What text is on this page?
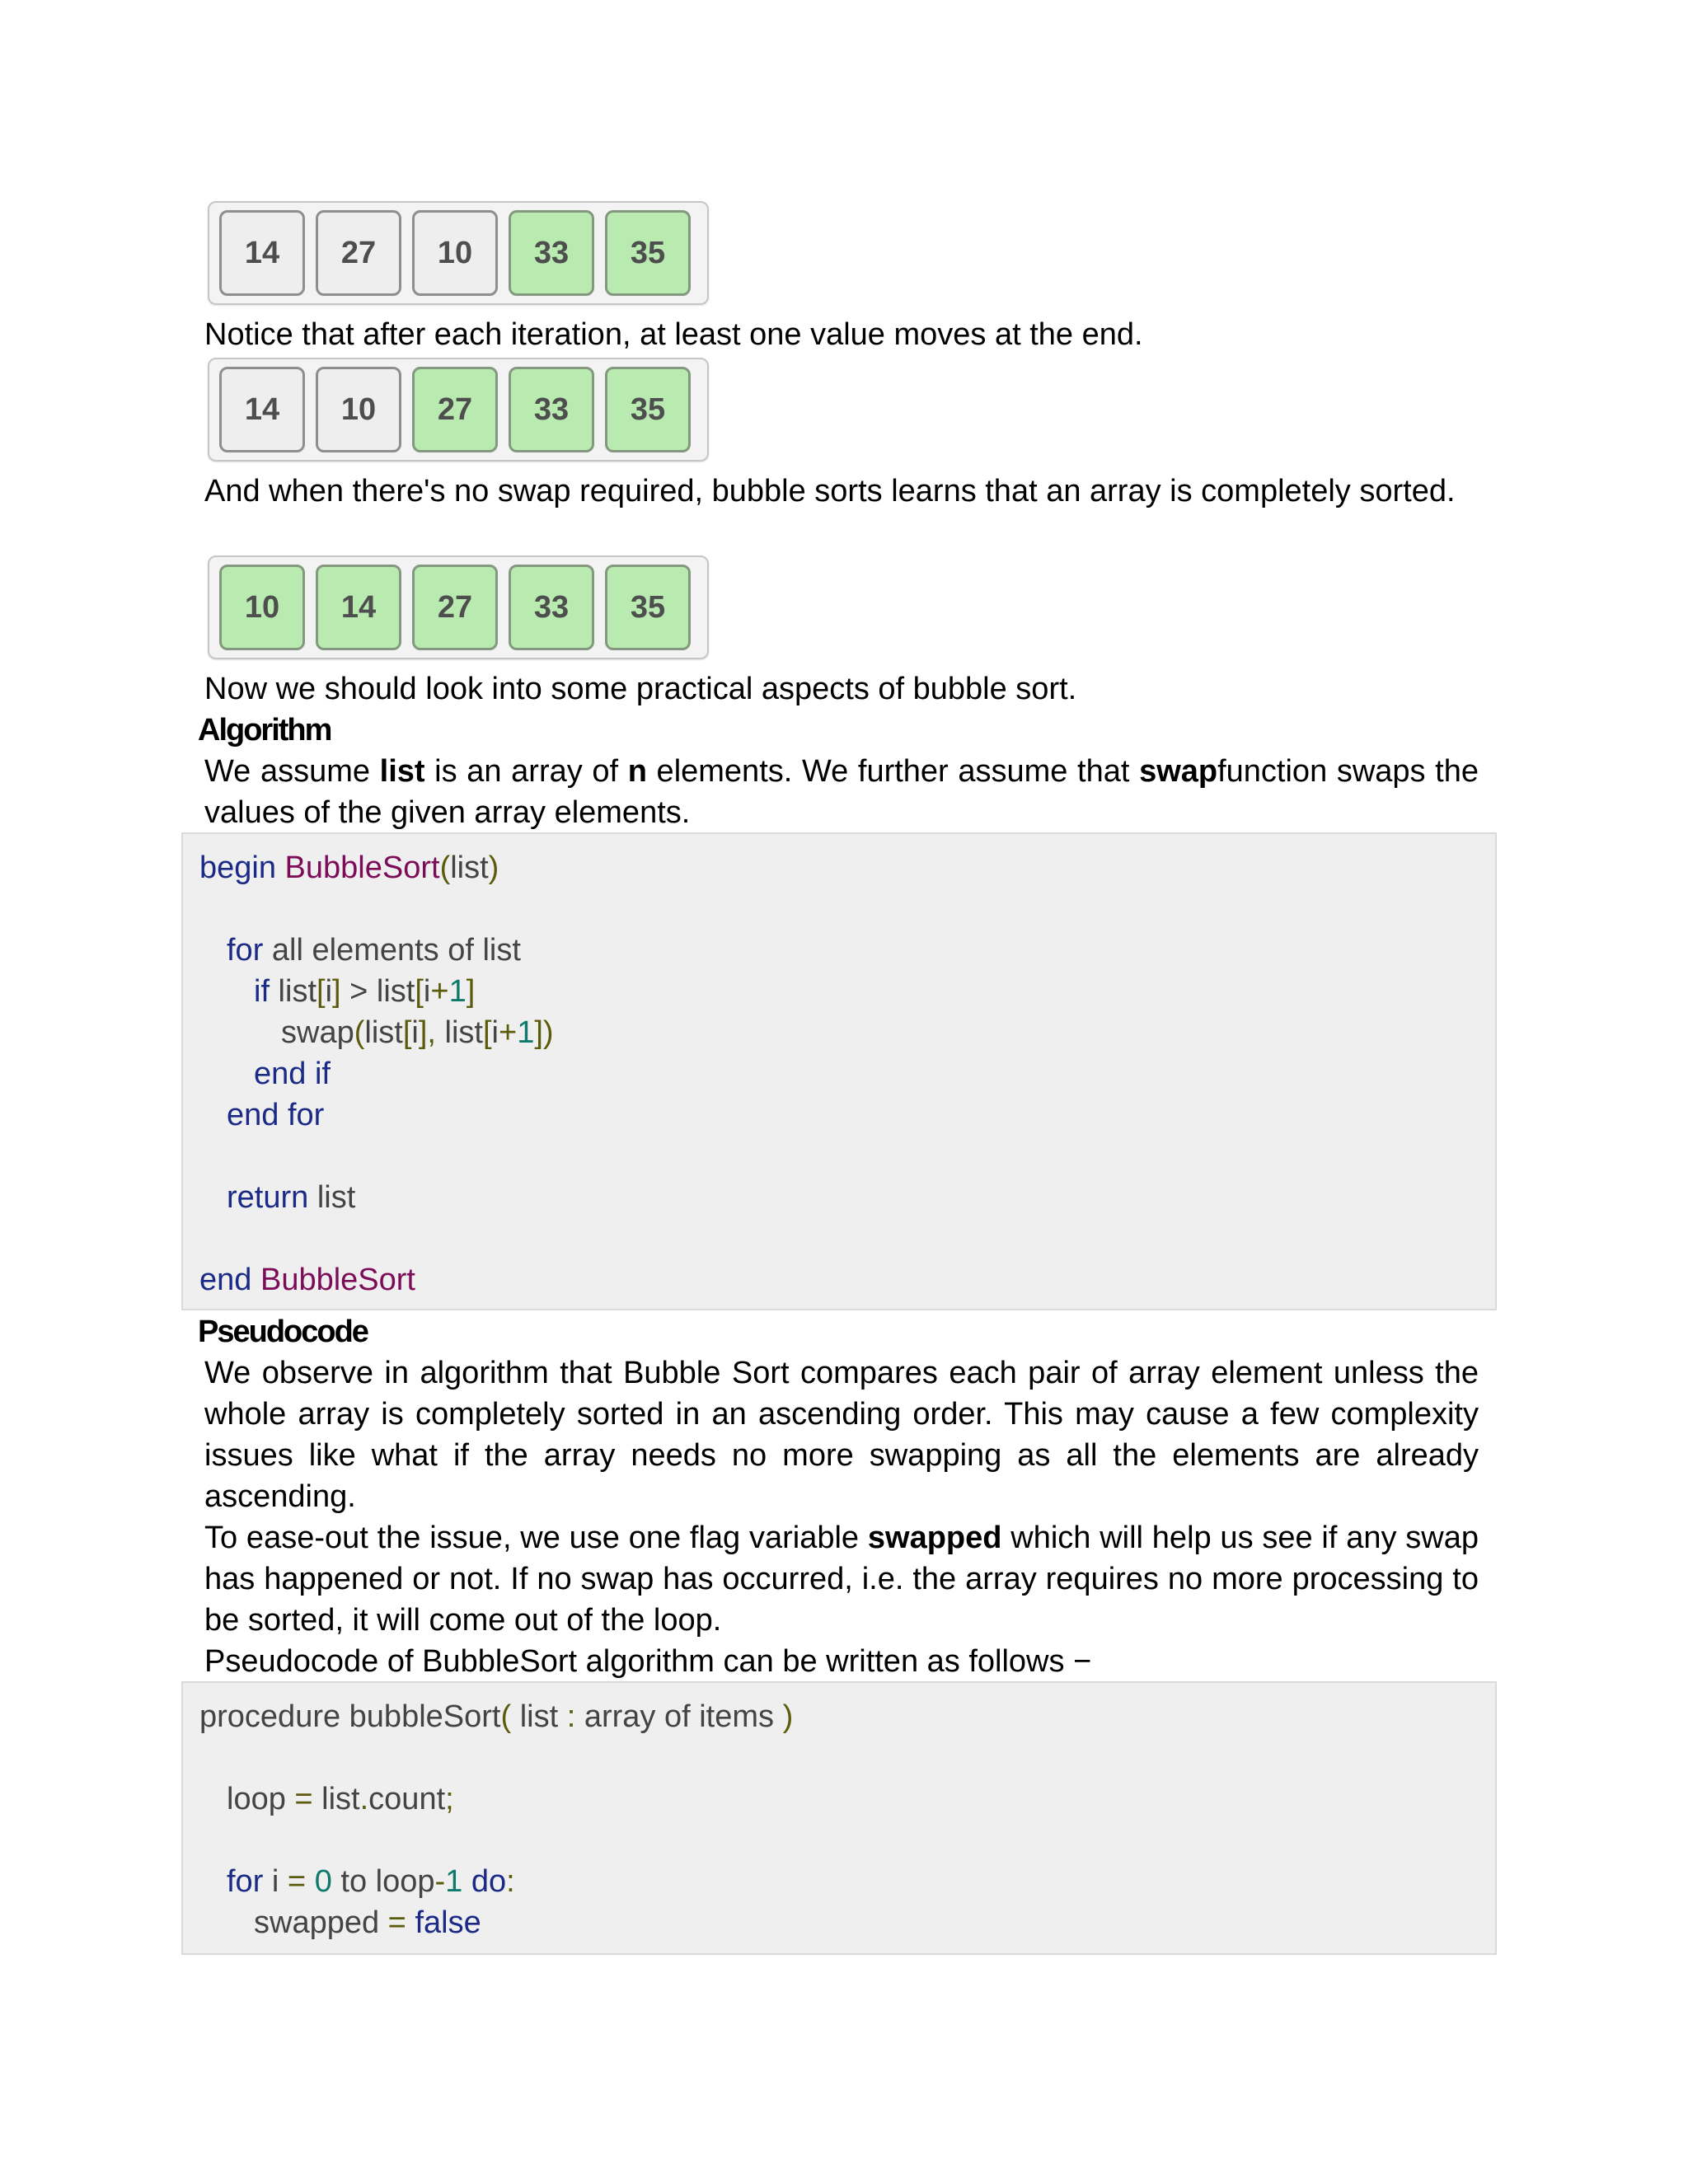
14	27	10	33	35

Notice that after each iteration, at least one value moves at the end.

14	10	27	33	35

And when there's no swap required, bubble sorts learns that an array is completely sorted.

10	14	27	33	35

Now we should look into some practical aspects of bubble sort.

Algorithm

We assume list is an array of n elements. We further assume that swapfunction swaps the values of the given array elements.

begin BubbleSort(list)
for all elements of list
if list[i] > list[i+1]
swap(list[i], list[i+1])
end if
end for
return list
end BubbleSort
Pseudocode

We observe in algorithm that Bubble Sort compares each pair of array element unless the whole array is completely sorted in an ascending order. This may cause a few complexity issues like what if the array needs no more swapping as all the elements are already ascending.

To ease-out the issue, we use one flag variable swapped which will help us see if any swap has happened or not. If no swap has occurred, i.e. the array requires no more processing to be sorted, it will come out of the loop.

Pseudocode of BubbleSort algorithm can be written as follows −

procedure bubbleSort( list : array of items )
loop = list.count;
for i = 0 to loop-1 do:
swapped = false
